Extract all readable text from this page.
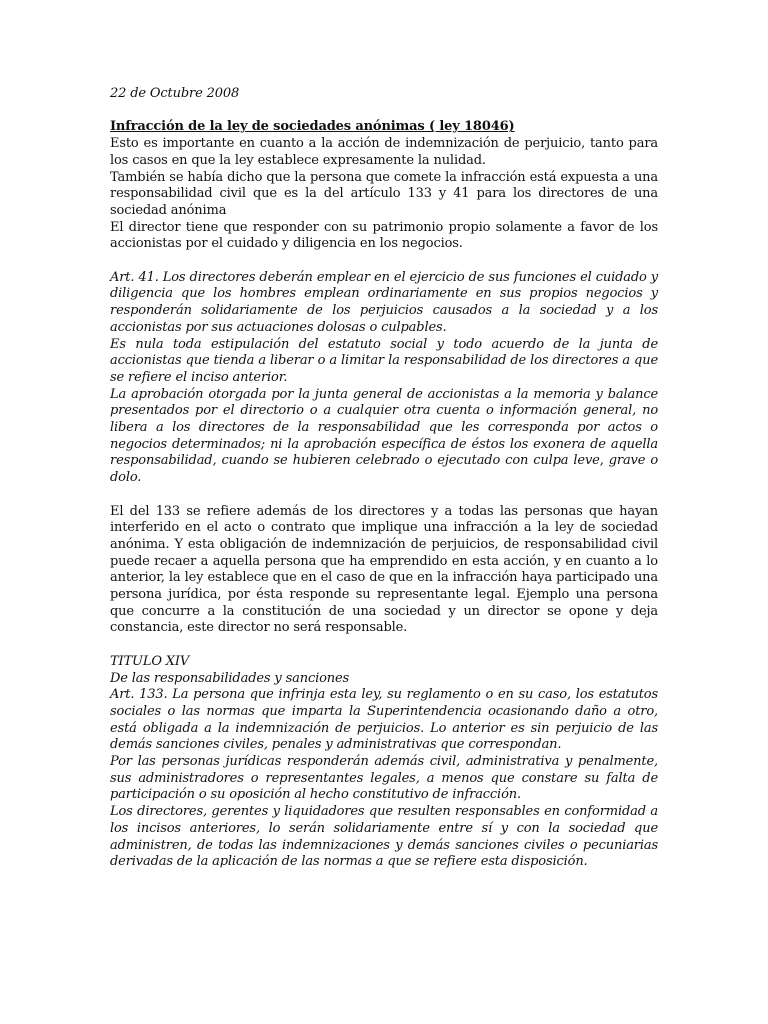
22 de Octubre 2008

Infracción de la ley de sociedades anónimas ( ley 18046)

Esto es importante en cuanto a la acción de indemnización de perjuicio, tanto para los casos en que la ley establece expresamente la nulidad.

También se había dicho que la persona que comete la infracción está expuesta a una responsabilidad civil que es la del artículo 133 y 41 para los directores de una sociedad anónima

El director tiene que responder con su patrimonio propio solamente a favor de los accionistas por el cuidado y diligencia en los negocios.

Art. 41. Los directores deberán emplear en el ejercicio de sus funciones el cuidado y diligencia que los hombres emplean ordinariamente en sus propios negocios y responderán solidariamente de los perjuicios causados a la sociedad y a los accionistas por sus actuaciones dolosas o culpables.

Es nula toda estipulación del estatuto social y todo acuerdo de la junta de accionistas que tienda a liberar o a limitar la responsabilidad de los directores a que se refiere el inciso anterior.

La aprobación otorgada por la junta general de accionistas a la memoria y balance presentados por el directorio o a cualquier otra cuenta o información general, no libera a los directores de la responsabilidad que les corresponda por actos o negocios determinados; ni la aprobación específica de éstos los exonera de aquella responsabilidad, cuando se hubieren celebrado o ejecutado con culpa leve, grave o dolo.

El del 133 se refiere además de los directores y a todas las personas que hayan interferido en el acto o contrato que implique una infracción a la ley de sociedad anónima. Y esta obligación de indemnización de perjuicios, de responsabilidad civil puede recaer a aquella persona que ha emprendido en esta acción, y en cuanto a lo anterior, la ley establece que en el caso de que en la infracción haya participado una persona jurídica, por ésta responde su representante legal. Ejemplo una persona que concurre a la constitución de una sociedad y un director se opone y deja constancia, este director no será responsable.

TITULO XIV

De las responsabilidades y sanciones

Art. 133. La persona que infrinja esta ley, su reglamento o en su caso, los estatutos sociales o las normas que imparta la Superintendencia ocasionando daño a otro, está obligada a la indemnización de perjuicios. Lo anterior es sin perjuicio de las demás sanciones civiles, penales y administrativas que correspondan.

Por las personas jurídicas responderán además civil, administrativa y penalmente, sus administradores o representantes legales, a menos que constare su falta de participación o su oposición al hecho constitutivo de infracción.

Los directores, gerentes y liquidadores que resulten responsables en conformidad a los incisos anteriores, lo serán solidariamente entre sí y con la sociedad que administren, de todas las indemnizaciones y demás sanciones civiles o pecuniarias derivadas de la aplicación de las normas a que se refiere esta disposición.
